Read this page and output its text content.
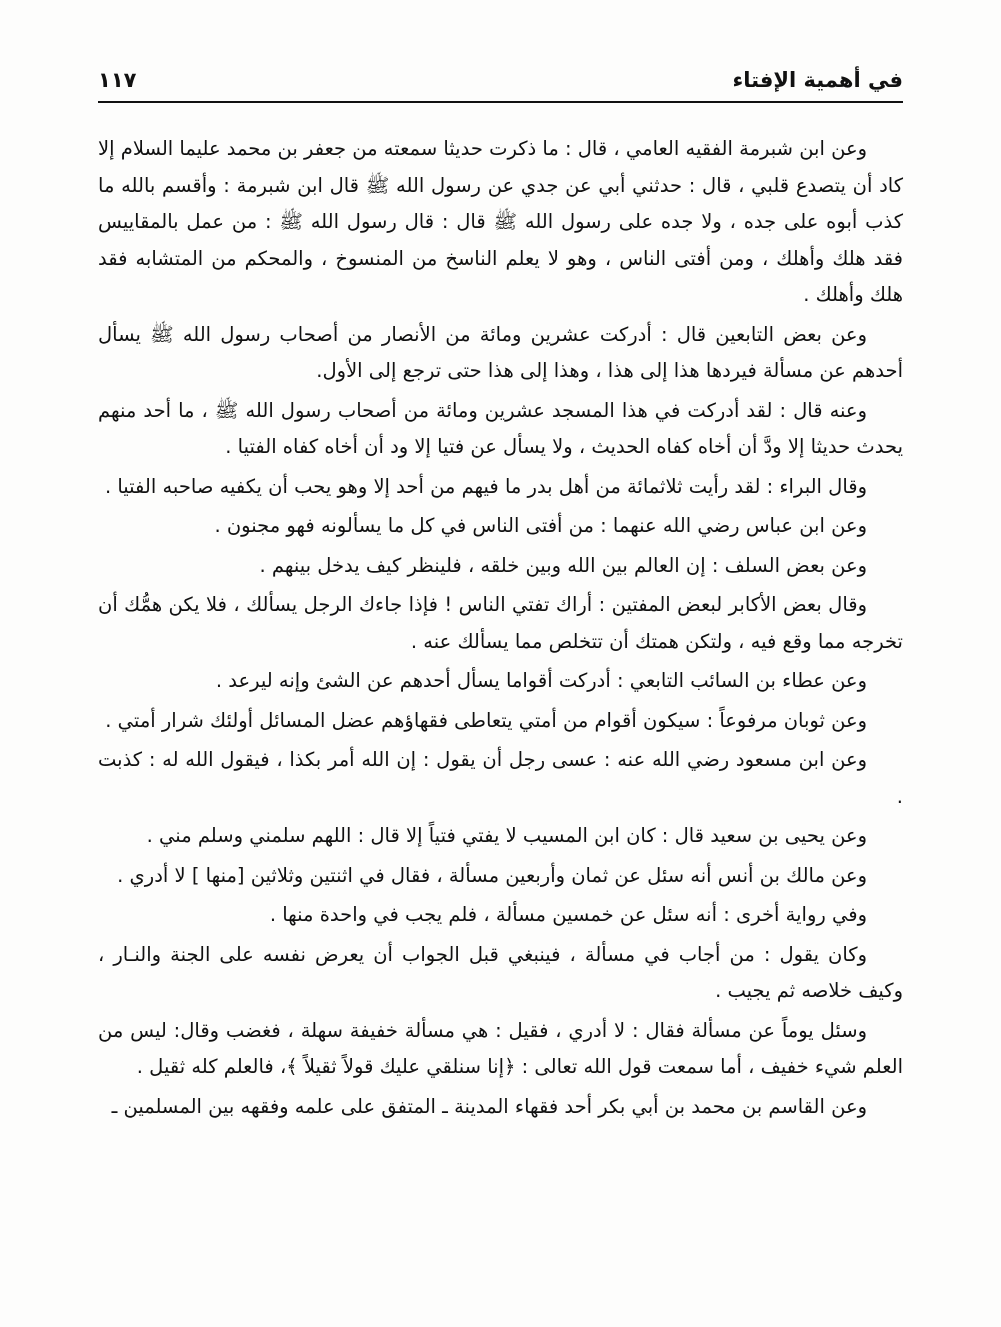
في أهمية الإفتاء
١١٧

وعن ابن شبرمة الفقيه العامي ، قال : ما ذكرت حديثا سمعته من جعفر بن محمد عليما السلام إلا كاد أن يتصدع قلبي ، قال : حدثني أبي عن جدي عن رسول الله ﷺ قال ابن شبرمة : وأقسم بالله ما كذب أبوه على جده ، ولا جده على رسول الله ﷺ قال : قال رسول الله ﷺ : من عمل بالمقاييس فقد هلك وأهلك ، ومن أفتى الناس ، وهو لا يعلم الناسخ من المنسوخ ، والمحكم من المتشابه فقد هلك وأهلك .

وعن بعض التابعين قال : أدركت عشرين ومائة من الأنصار من أصحاب رسول الله ﷺ يسأل أحدهم عن مسألة فيردها هذا إلى هذا ، وهذا إلى هذا حتى ترجع إلى الأول.

وعنه قال : لقد أدركت في هذا المسجد عشرين ومائة من أصحاب رسول الله ﷺ ، ما أحد منهم يحدث حديثا إلا ودَّ أن أخاه كفاه الحديث ، ولا يسأل عن فتيا إلا ود أن أخاه كفاه الفتيا .

وقال البراء : لقد رأيت ثلاثمائة من أهل بدر ما فيهم من أحد إلا وهو يحب أن يكفيه صاحبه الفتيا .

وعن ابن عباس رضي الله عنهما : من أفتى الناس في كل ما يسألونه فهو مجنون .

وعن بعض السلف : إن العالم بين الله وبين خلقه ، فلينظر كيف يدخل بينهم .

وقال بعض الأكابر لبعض المفتين : أراك تفتي الناس ! فإذا جاءك الرجل يسألك ، فلا يكن همُّك أن تخرجه مما وقع فيه ، ولتكن همتك أن تتخلص مما يسألك عنه .

وعن عطاء بن السائب التابعي : أدركت أقواما يسأل أحدهم عن الشئ وإنه ليرعد .

وعن ثوبان مرفوعاً : سيكون أقوام من أمتي يتعاطى فقهاؤهم عضل المسائل أولئك شرار أمتي .

وعن ابن مسعود رضي الله عنه : عسى رجل أن يقول : إن الله أمر بكذا ، فيقول الله له : كذبت .

وعن يحيى بن سعيد قال : كان ابن المسيب لا يفتي فتياً إلا قال : اللهم سلمني وسلم مني .

وعن مالك بن أنس أنه سئل عن ثمان وأربعين مسألة ، فقال في اثنتين وثلاثين [منها ] لا أدري .

وفي رواية أخرى : أنه سئل عن خمسين مسألة ، فلم يجب في واحدة منها .

وكان يقول : من أجاب في مسألة ، فينبغي قبل الجواب أن يعرض نفسه على الجنة والنـار ، وكيف خلاصه ثم يجيب .

وسئل يوماً عن مسألة فقال : لا أدري ، فقيل : هي مسألة خفيفة سهلة ، فغضب وقال: ليس من العلم شيء خفيف ، أما سمعت قول الله تعالى : ﴿إنا سنلقي عليك قولاً ثقيلاً ﴾، فالعلم كله ثقيل .

وعن القاسم بن محمد بن أبي بكر أحد فقهاء المدينة ـ المتفق على علمه وفقهه بين المسلمين ـ
